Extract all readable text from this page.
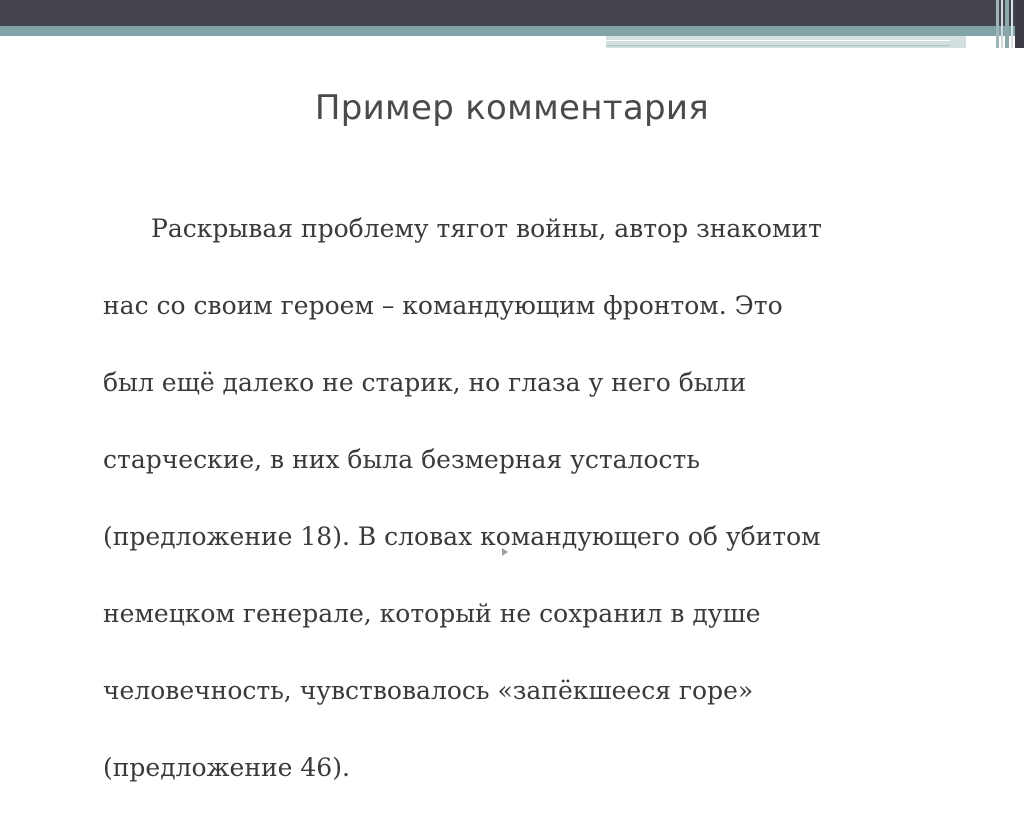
Пример комментария

Раскрывая проблему тягот войны, автор знакомит

нас со своим героем – командующим фронтом. Это

был ещё далеко не старик, но глаза у него были

старческие, в них была безмерная усталость

(предложение 18). В словах командующего об убитом

немецком генерале, который не сохранил в душе

человечность, чувствовалось «запёкшееся горе»

(предложение 46).
